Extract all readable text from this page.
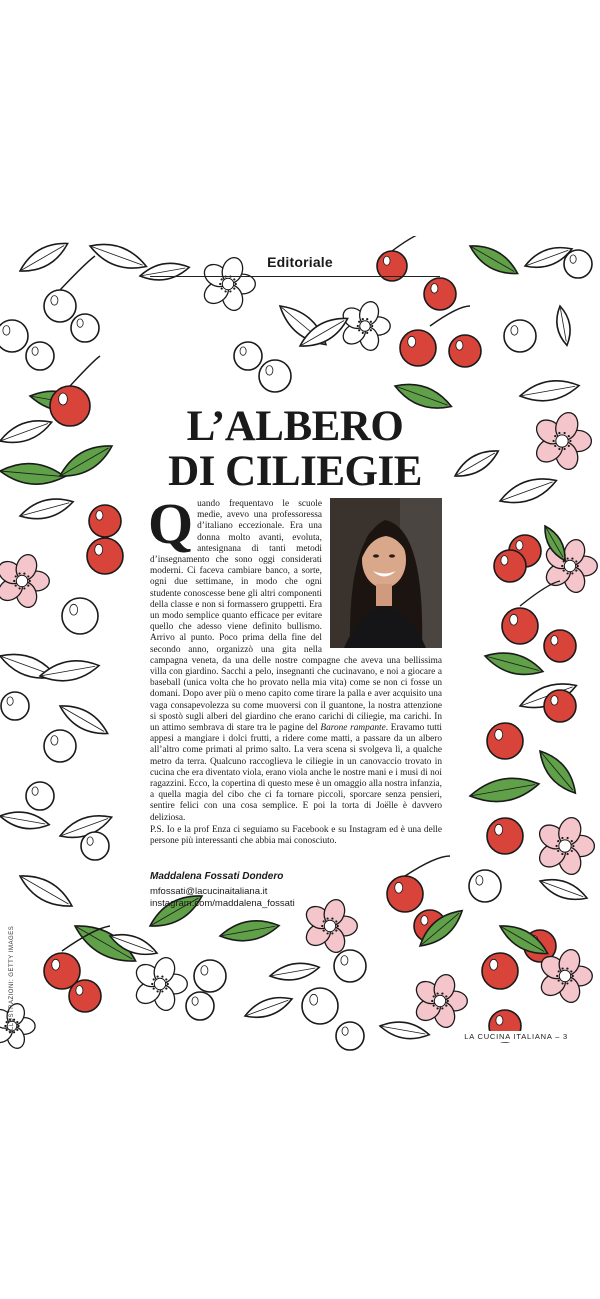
Editoriale
L’ALBERO
DI CILIEGIE
Quando frequentavo le scuole medie, avevo una professoressa d’italiano eccezionale. Era una donna molto avanti, evoluta, antesignana di tanti metodi d’insegnamento che sono oggi considerati moderni. Ci faceva cambiare banco, a sorte, ogni due settimane, in modo che ogni studente conoscesse bene gli altri componenti della classe e non si formassero gruppetti. Era un modo semplice quanto efficace per evitare quello che adesso viene definito bullismo. Arrivo al punto. Poco prima della fine del secondo anno, organizzò una gita nella campagna veneta, da una delle nostre compagne che aveva una bellissima villa con giardino. Sacchi a pelo, insegnanti che cucinavano, e noi a giocare a baseball (unica volta che ho provato nella mia vita) come se non ci fosse un domani. Dopo aver più o meno capito come tirare la palla e aver acquisito una vaga consapevolezza su come muoversi con il guantone, la nostra attenzione si spostò sugli alberi del giardino che erano carichi di ciliegie, ma carichi. In un attimo sembrava di stare tra le pagine del Barone rampante. Eravamo tutti appesi a mangiare i dolci frutti, a ridere come matti, a passare da un albero all’altro come primati al primo salto. La vera scena si svolgeva lì, a qualche metro da terra. Qualcuno raccoglieva le ciliegie in un canovaccio trovato in cucina che era diventato viola, erano viola anche le nostre mani e i musi di noi ragazzini. Ecco, la copertina di questo mese è un omaggio alla nostra infanzia, a quella magia del cibo che ci fa tornare piccoli, sporcare senza pensieri, sentire felici con una cosa semplice. E poi la torta di Joëlle è davvero deliziosa.
P.S. Io e la prof Enza ci seguiamo su Facebook e su Instagram ed è una delle persone più interessanti che abbia mai conosciuto.
Maddalena Fossati Dondero
mfossati@lacucinaitaliana.it
instagram.com/maddalena_fossati
ILLUSTRAZIONI: GETTY IMAGES
LA CUCINA ITALIANA – 3
